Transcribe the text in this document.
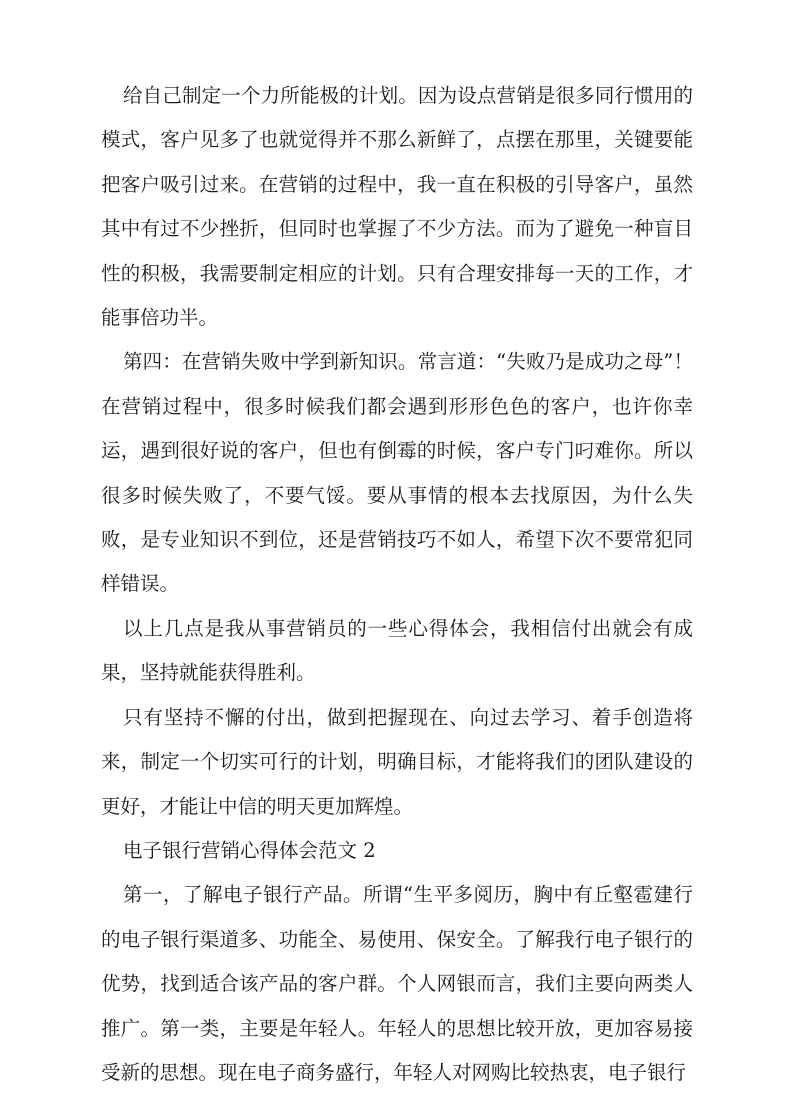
给自己制定一个力所能极的计划。因为设点营销是很多同行惯用的模式，客户见多了也就觉得并不那么新鲜了，点摆在那里，关键要能把客户吸引过来。在营销的过程中，我一直在积极的引导客户，虽然其中有过不少挫折，但同时也掌握了不少方法。而为了避免一种盲目性的积极，我需要制定相应的计划。只有合理安排每一天的工作，才能事倍功半。

第四：在营销失败中学到新知识。常言道：“失败乃是成功之母”！在营销过程中，很多时候我们都会遇到形形色色的客户，也许你幸运，遇到很好说的客户，但也有倒霉的时候，客户专门叼难你。所以很多时候失败了，不要气馁。要从事情的根本去找原因，为什么失败，是专业知识不到位，还是营销技巧不如人，希望下次不要常犯同样错误。

以上几点是我从事营销员的一些心得体会，我相信付出就会有成 果，坚持就能获得胜利。

只有坚持不懈的付出，做到把握现在、向过去学习、着手创造将来，制定一个切实可行的计划，明确目标，才能将我们的团队建设的更好，才能让中信的明天更加辉煌。

电子银行营销心得体会范文 2

第一，了解电子银行产品。所谓“生平多阅历，胸中有丘壑雹建行的电子银行渠道多、功能全、易使用、保安全。了解我行电子银行的优势，找到适合该产品的客户群。个人网银而言，我们主要向两类人推广。第一类，主要是年轻人。年轻人的思想比较开放，更加容易接受新的思想。现在电子商务盛行，年轻人对网购比较热衷，电子银行
